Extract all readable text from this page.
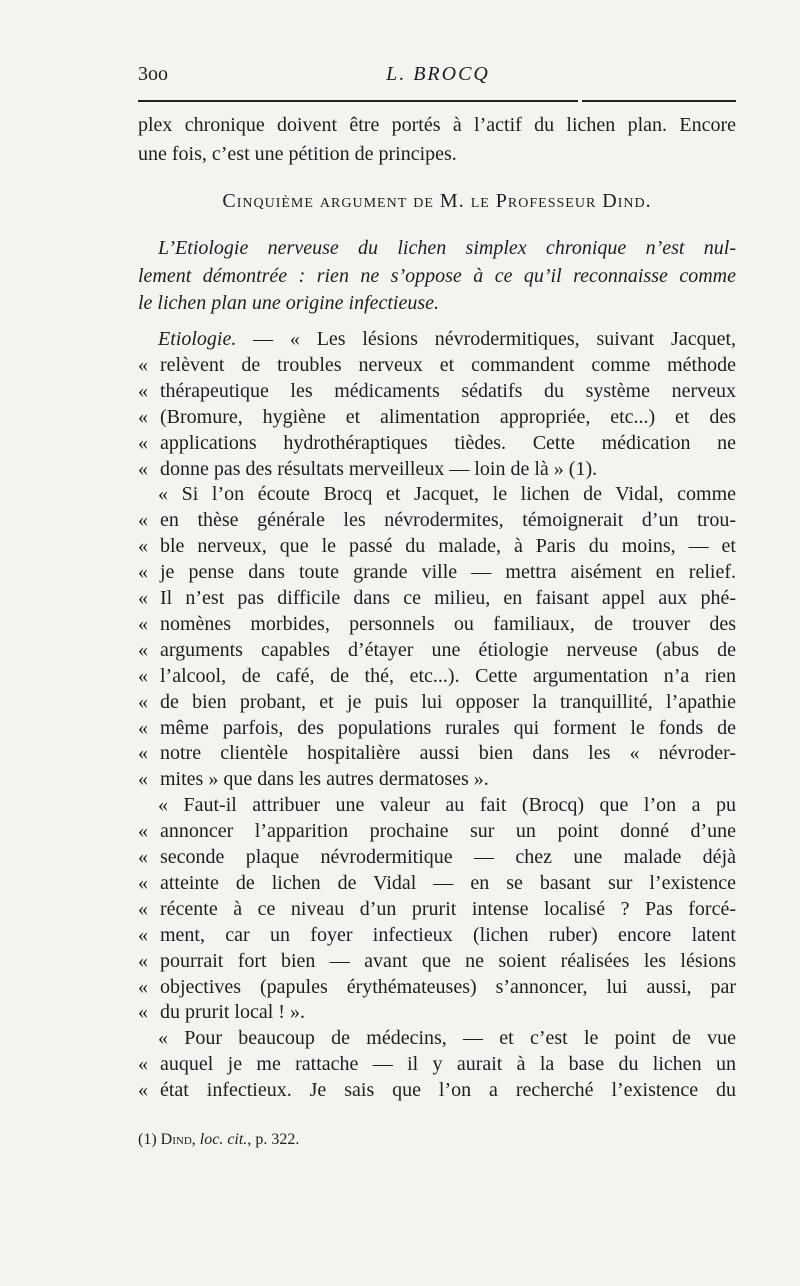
3oo	L. BROCQ
plex chronique doivent être portés à l’actif du lichen plan. Encore
une fois, c’est une pétition de principes.
Cinquième argument de M. le Professeur Dind.
L’Etiologie nerveuse du lichen simplex chronique n’est nul-
lement démontrée : rien ne s’oppose à ce qu’il reconnaisse comme
le lichen plan une origine infectieuse.
Etiologie. — « Les lésions névrodermitiques, suivant Jacquet,
« relèvent de troubles nerveux et commandent comme méthode
« thérapeutique les médicaments sédatifs du système nerveux
« (Bromure, hygiène et alimentation appropriée, etc...) et des
« applications hydrothéraptiques tièdes. Cette médication ne
« donne pas des résultats merveilleux — loin de là » (1).
« Si l’on écoute Brocq et Jacquet, le lichen de Vidal, comme
« en thèse générale les névrodermites, témoignerait d’un trou-
« ble nerveux, que le passé du malade, à Paris du moins, — et
« je pense dans toute grande ville — mettra aisément en relief.
« Il n’est pas difficile dans ce milieu, en faisant appel aux phé-
« nomènes morbides, personnels ou familiaux, de trouver des
« arguments capables d’étayer une étiologie nerveuse (abus de
« l’alcool, de café, de thé, etc...). Cette argumentation n’a rien
« de bien probant, et je puis lui opposer la tranquillité, l’apathie
« même parfois, des populations rurales qui forment le fonds de
« notre clientèle hospitalière aussi bien dans les « névroder-
« mites » que dans les autres dermatoses ».
« Faut-il attribuer une valeur au fait (Brocq) que l’on a pu
« annoncer l’apparition prochaine sur un point donné d’une
« seconde plaque névrodermitique — chez une malade déjà
« atteinte de lichen de Vidal — en se basant sur l’existence
« récente à ce niveau d’un prurit intense localisé ? Pas forcé-
« ment, car un foyer infectieux (lichen ruber) encore latent
« pourrait fort bien — avant que ne soient réalisées les lésions
« objectives (papules érythémateuses) s’annoncer, lui aussi, par
« du prurit local ! ».
« Pour beaucoup de médecins, — et c’est le point de vue
« auquel je me rattache — il y aurait à la base du lichen un
« état infectieux. Je sais que l’on a recherché l’existence du
(1) Dind, loc. cit., p. 322.
